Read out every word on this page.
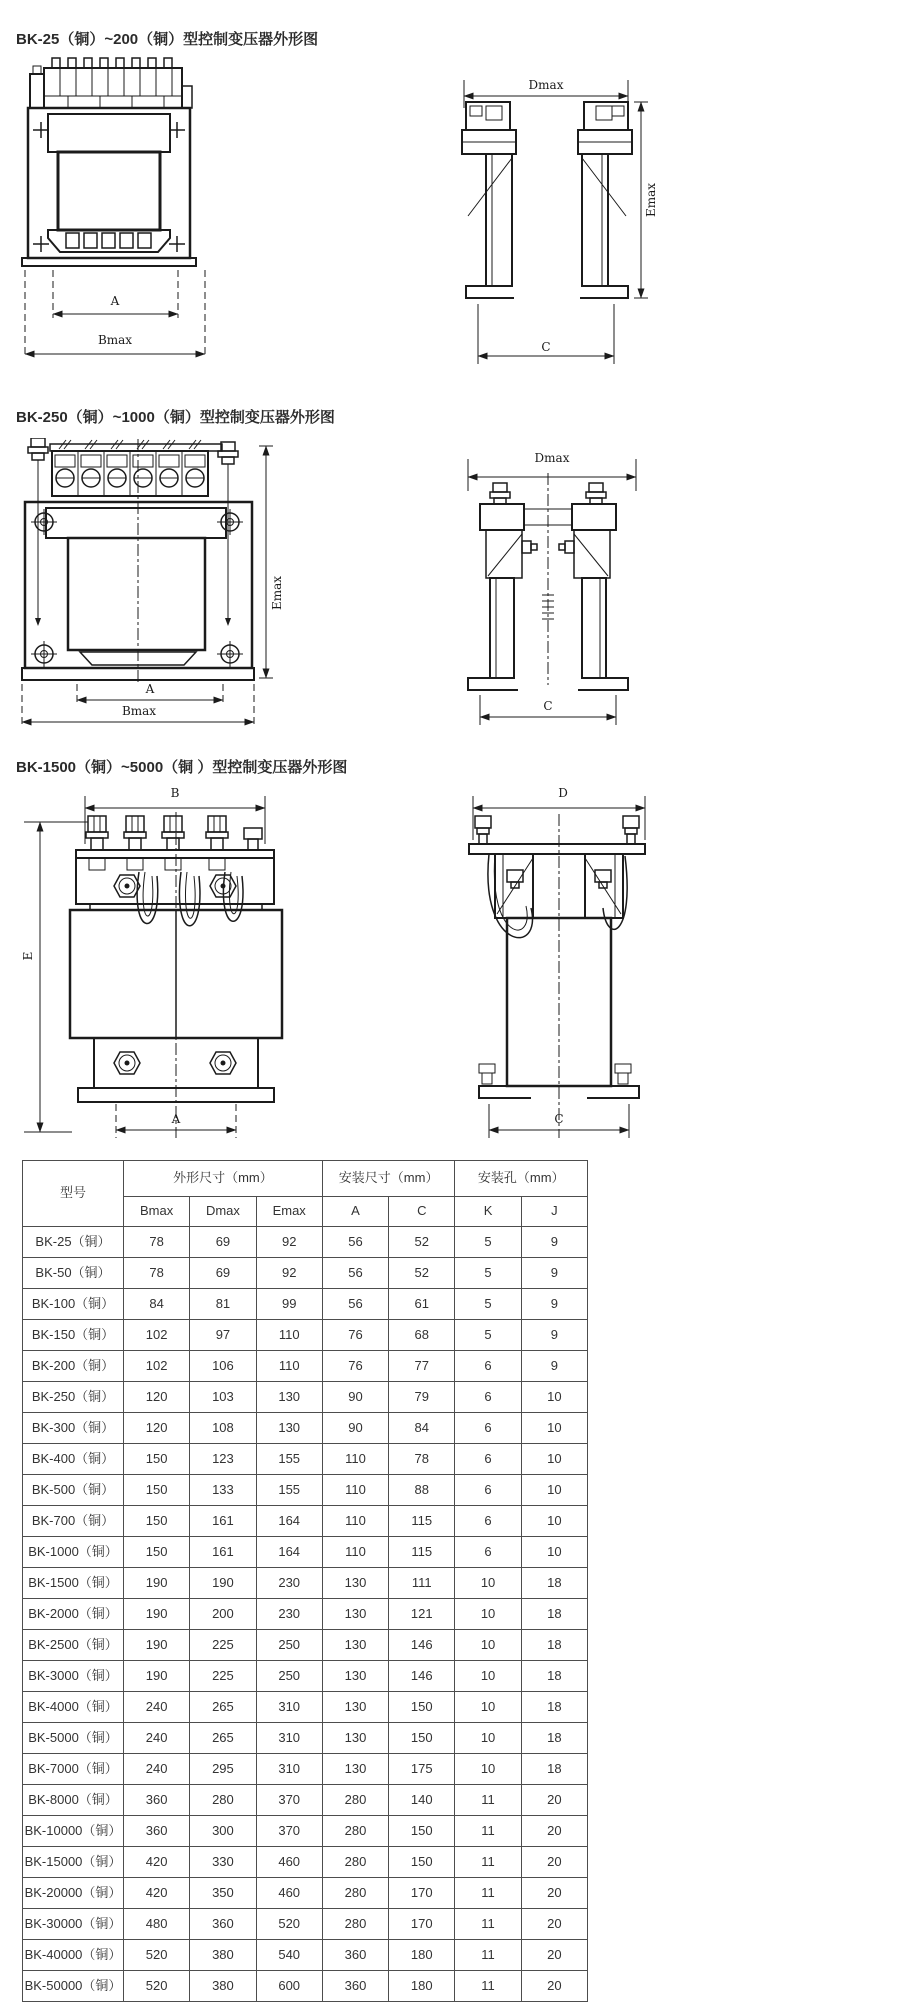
BK-25（铜）~200（铜）型控制变压器外形图
A
Bmax
Dmax
C
Emax
BK-250（铜）~1000（铜）型控制变压器外形图
A
Bmax
Emax
Dmax
C
BK-1500（铜）~5000（铜 ）型控制变压器外形图
B
E
A
D
C
型号	外形尺寸（mm）			安装尺寸（mm）		安装孔（mm）	
	Bmax	Dmax	Emax	A	C	K	J
BK-25（铜）	78	69	92	56	52	5	9
BK-50（铜）	78	69	92	56	52	5	9
BK-100（铜）	84	81	99	56	61	5	9
BK-150（铜）	102	97	110	76	68	5	9
BK-200（铜）	102	106	110	76	77	6	9
BK-250（铜）	120	103	130	90	79	6	10
BK-300（铜）	120	108	130	90	84	6	10
BK-400（铜）	150	123	155	110	78	6	10
BK-500（铜）	150	133	155	110	88	6	10
BK-700（铜）	150	161	164	110	115	6	10
BK-1000（铜）	150	161	164	110	115	6	10
BK-1500（铜）	190	190	230	130	111	10	18
BK-2000（铜）	190	200	230	130	121	10	18
BK-2500（铜）	190	225	250	130	146	10	18
BK-3000（铜）	190	225	250	130	146	10	18
BK-4000（铜）	240	265	310	130	150	10	18
BK-5000（铜）	240	265	310	130	150	10	18
BK-7000（铜）	240	295	310	130	175	10	18
BK-8000（铜）	360	280	370	280	140	11	20
BK-10000（铜）	360	300	370	280	150	11	20
BK-15000（铜）	420	330	460	280	150	11	20
BK-20000（铜）	420	350	460	280	170	11	20
BK-30000（铜）	480	360	520	280	170	11	20
BK-40000（铜）	520	380	540	360	180	11	20
BK-50000（铜）	520	380	600	360	180	11	20
